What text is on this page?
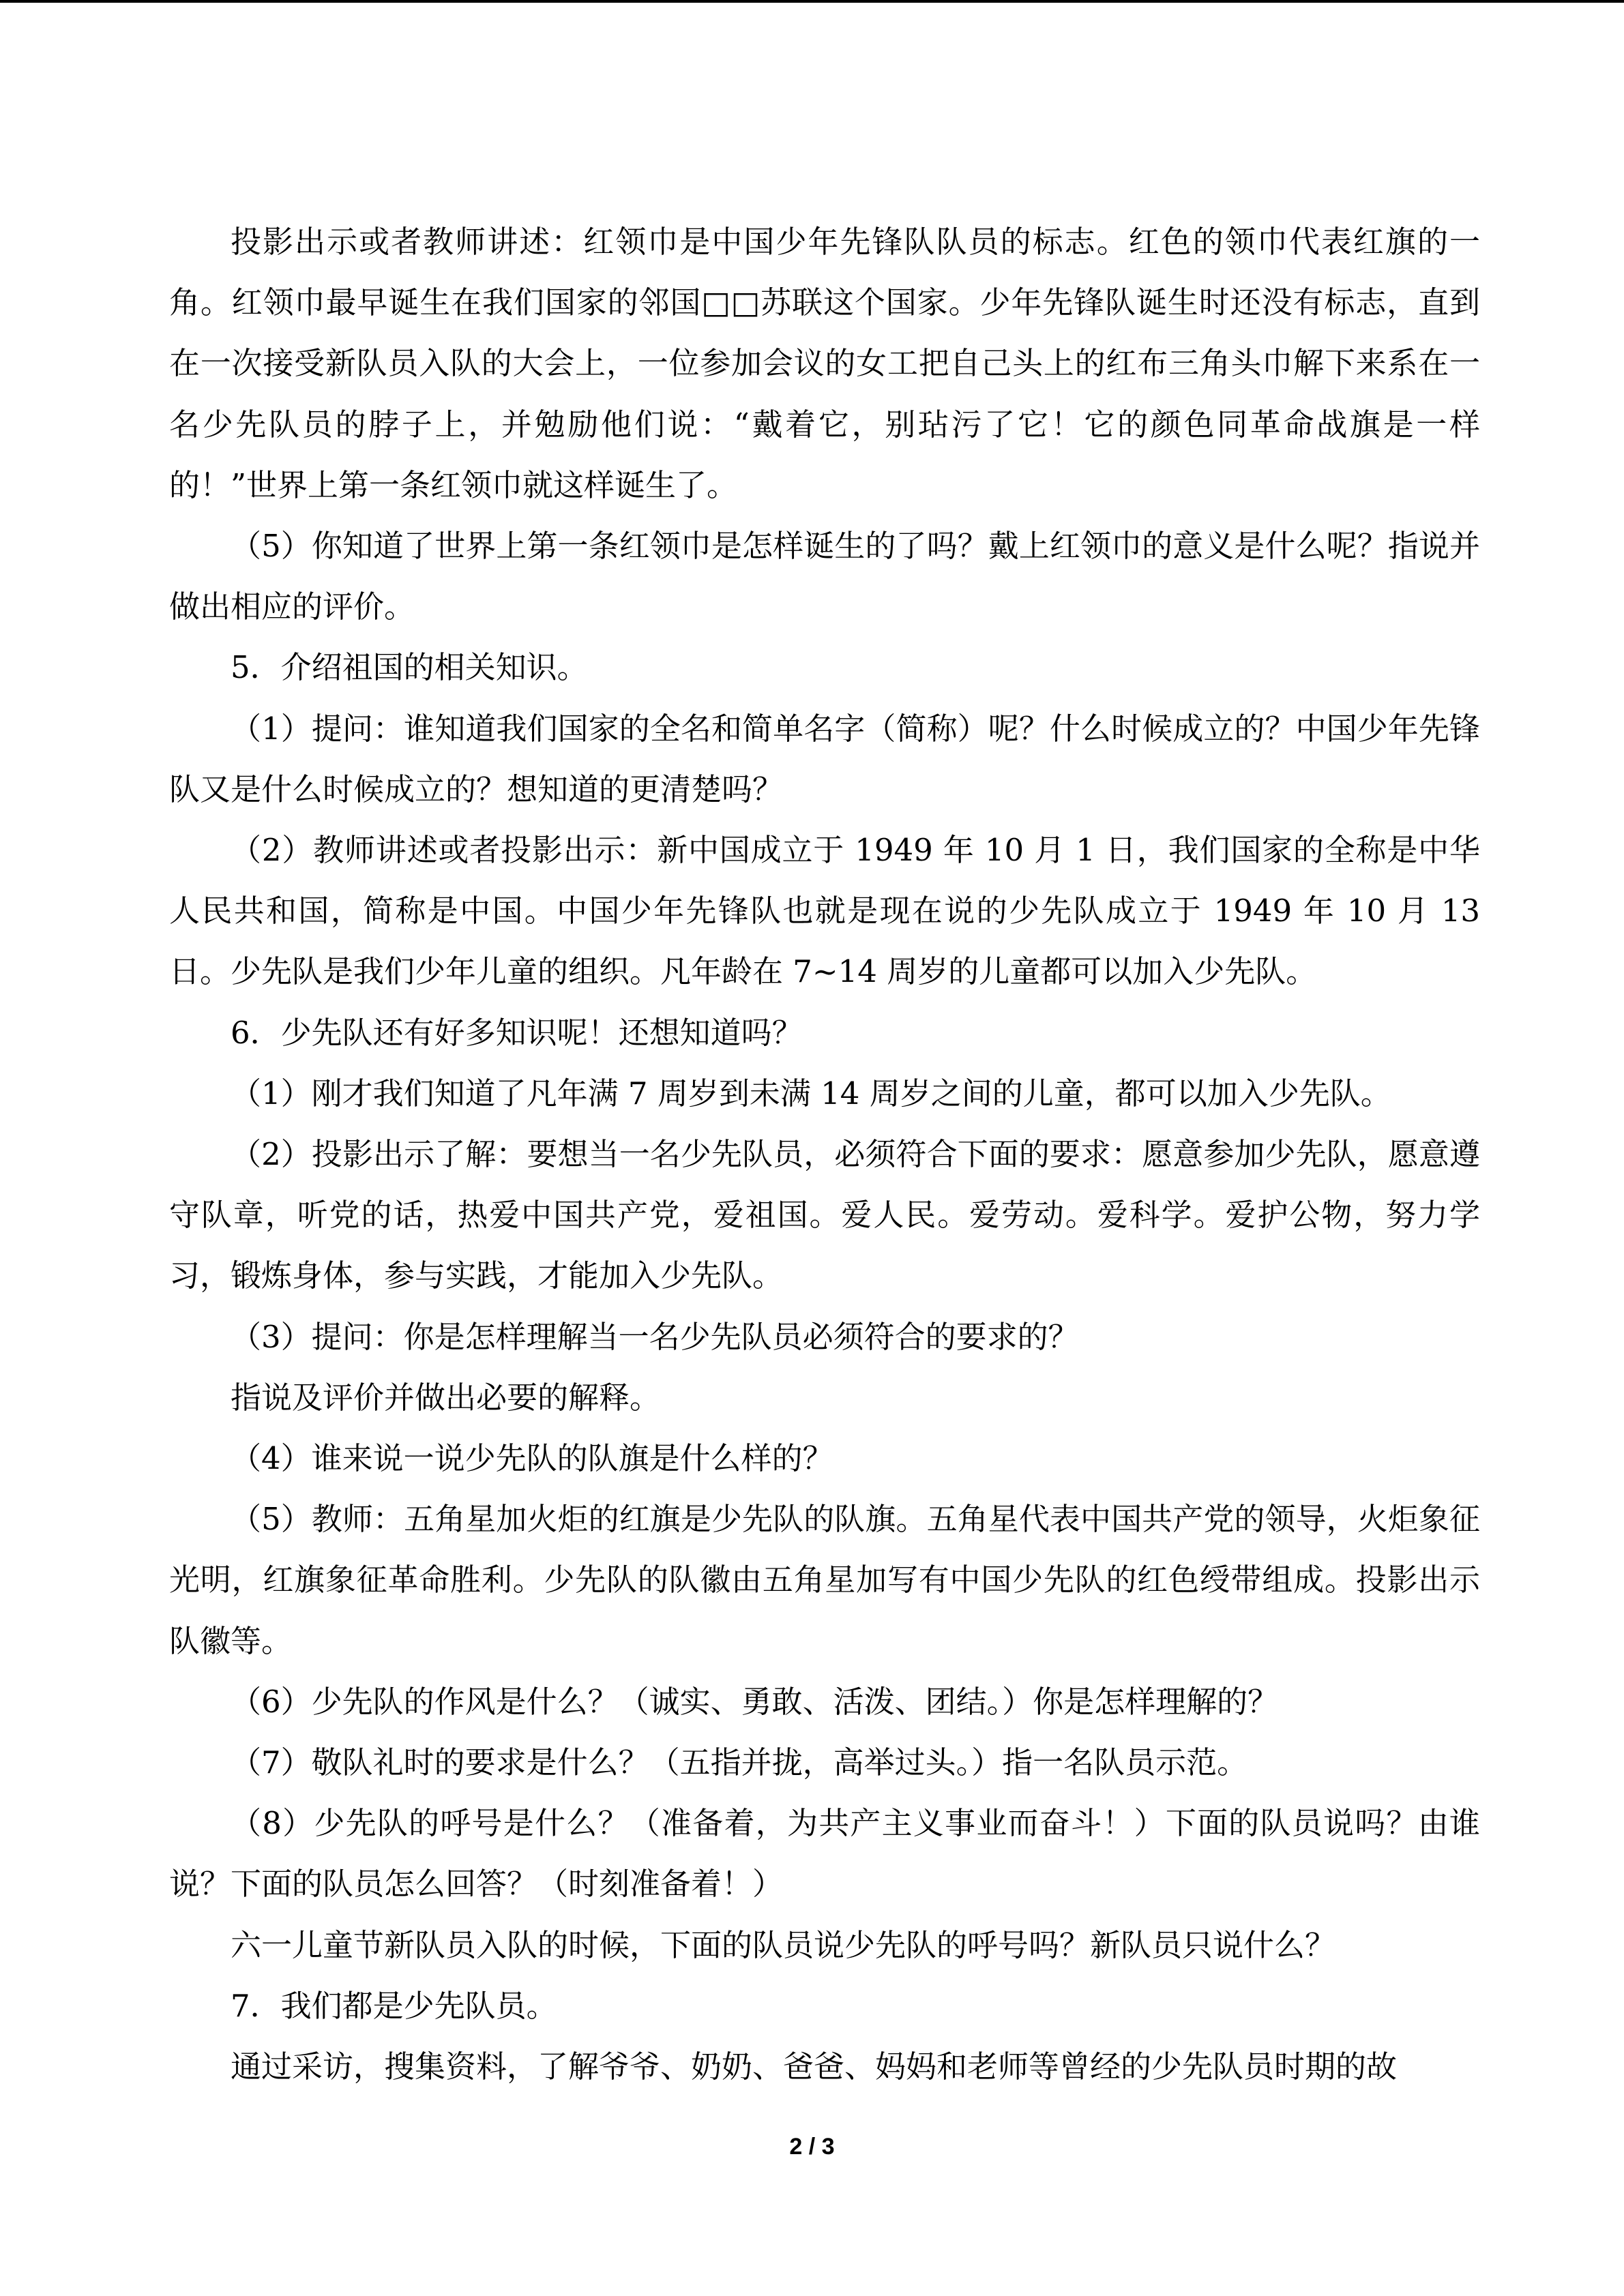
投影出示或者教师讲述：红领巾是中国少年先锋队队员的标志。红色的领巾代表红旗的一角。红领巾最早诞生在我们国家的邻国□□苏联这个国家。少年先锋队诞生时还没有标志，直到在一次接受新队员入队的大会上，一位参加会议的女工把自己头上的红布三角头巾解下来系在一名少先队员的脖子上，并勉励他们说：“戴着它，别玷污了它！它的颜色同革命战旗是一样的！”世界上第一条红领巾就这样诞生了。

（5）你知道了世界上第一条红领巾是怎样诞生的了吗？戴上红领巾的意义是什么呢？指说并做出相应的评价。

5．介绍祖国的相关知识。

（1）提问：谁知道我们国家的全名和简单名字（简称）呢？什么时候成立的？中国少年先锋队又是什么时候成立的？想知道的更清楚吗？

（2）教师讲述或者投影出示：新中国成立于 1949 年 10 月 1 日，我们国家的全称是中华人民共和国，简称是中国。中国少年先锋队也就是现在说的少先队成立于 1949 年 10 月 13 日。少先队是我们少年儿童的组织。凡年龄在 7~14 周岁的儿童都可以加入少先队。

6．少先队还有好多知识呢！还想知道吗？

（1）刚才我们知道了凡年满 7 周岁到未满 14 周岁之间的儿童，都可以加入少先队。

（2）投影出示了解：要想当一名少先队员，必须符合下面的要求：愿意参加少先队，愿意遵守队章，听党的话，热爱中国共产党，爱祖国。爱人民。爱劳动。爱科学。爱护公物，努力学习，锻炼身体，参与实践，才能加入少先队。

（3）提问：你是怎样理解当一名少先队员必须符合的要求的？

指说及评价并做出必要的解释。

（4）谁来说一说少先队的队旗是什么样的？

（5）教师：五角星加火炬的红旗是少先队的队旗。五角星代表中国共产党的领导，火炬象征光明，红旗象征革命胜利。少先队的队徽由五角星加写有中国少先队的红色绶带组成。投影出示队徽等。

（6）少先队的作风是什么？（诚实、勇敢、活泼、团结。）你是怎样理解的？

（7）敬队礼时的要求是什么？（五指并拢，高举过头。）指一名队员示范。

（8）少先队的呼号是什么？（准备着，为共产主义事业而奋斗！）下面的队员说吗？由谁说？下面的队员怎么回答？（时刻准备着！）

六一儿童节新队员入队的时候，下面的队员说少先队的呼号吗？新队员只说什么？

7．我们都是少先队员。

通过采访，搜集资料，了解爷爷、奶奶、爸爸、妈妈和老师等曾经的少先队员时期的故

2 / 3
